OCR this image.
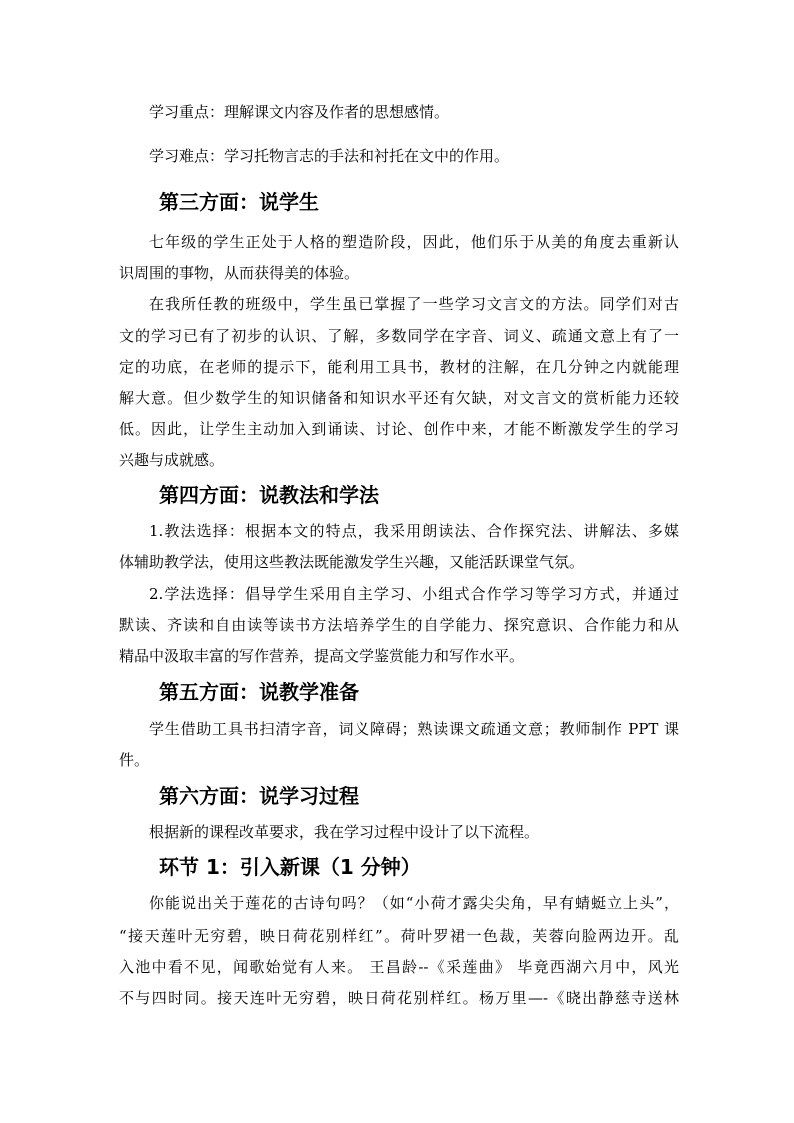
学习重点：理解课文内容及作者的思想感情。
学习难点：学习托物言志的手法和衬托在文中的作用。
第三方面：说学生
七年级的学生正处于人格的塑造阶段，因此，他们乐于从美的角度去重新认
识周围的事物，从而获得美的体验。
在我所任教的班级中，学生虽已掌握了一些学习文言文的方法。同学们对古
文的学习已有了初步的认识、了解，多数同学在字音、词义、疏通文意上有了一
定的功底，在老师的提示下，能利用工具书，教材的注解，在几分钟之内就能理
解大意。但少数学生的知识储备和知识水平还有欠缺，对文言文的赏析能力还较
低。因此，让学生主动加入到诵读、讨论、创作中来，才能不断激发学生的学习
兴趣与成就感。
第四方面：说教法和学法
1.教法选择：根据本文的特点，我采用朗读法、合作探究法、讲解法、多媒
体辅助教学法，使用这些教法既能激发学生兴趣，又能活跃课堂气氛。
2.学法选择：倡导学生采用自主学习、小组式合作学习等学习方式，并通过
默读、齐读和自由读等读书方法培养学生的自学能力、探究意识、合作能力和从
精品中汲取丰富的写作营养，提高文学鉴赏能力和写作水平。
第五方面：说教学准备
学生借助工具书扫清字音，词义障碍；熟读课文疏通文意；教师制作 PPT 课
件。
第六方面：说学习过程
根据新的课程改革要求，我在学习过程中设计了以下流程。
环节 1：引入新课（1 分钟）
你能说出关于莲花的古诗句吗？（如“小荷才露尖尖角，早有蜻蜓立上头”，
“接天莲叶无穷碧，映日荷花别样红”。荷叶罗裙一色裁，芙蓉向脸两边开。乱
入池中看不见，闻歌始觉有人来。 王昌龄--《采莲曲》 毕竟西湖六月中，风光
不与四时同。接天连叶无穷碧，映日荷花别样红。杨万里—-《晓出静慈寺送林
